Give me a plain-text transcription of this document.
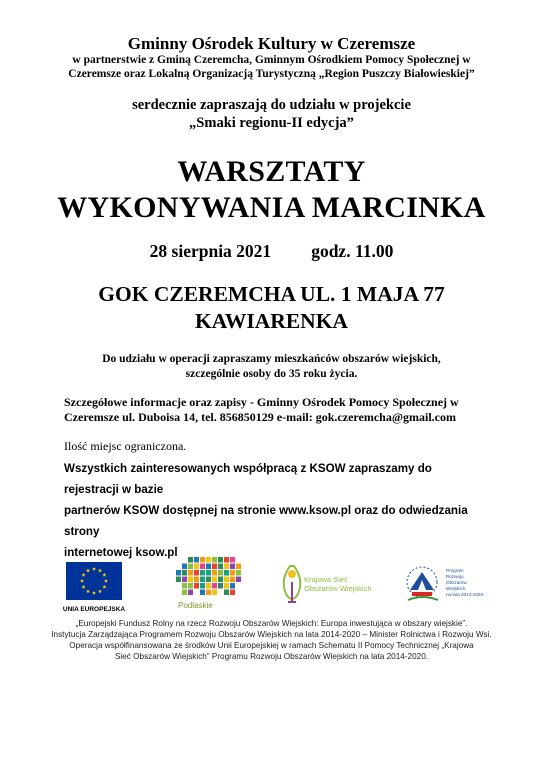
Gminny Ośrodek Kultury w Czeremsze
w partnerstwie z Gminą Czeremcha, Gminnym Ośrodkiem Pomocy Społecznej w
Czeremsze oraz Lokalną Organizacją Turystyczną „Region Puszczy Białowieskiej”
serdecznie zapraszają do udziału w projekcie
„Smaki regionu-II edycja”
WARSZTATY
WYKONYWANIA MARCINKA
28 sierpnia 2021 godz. 11.00
GOK CZEREMCHA UL. 1 MAJA 77
KAWIARENKA
Do udziału w operacji zapraszamy mieszkańców obszarów wiejskich,
szczególnie osoby do 35 roku życia.
Szczegółowe informacje oraz zapisy - Gminny Ośrodek Pomocy Społecznej w
Czeremsze ul. Duboisa 14, tel. 856850129 e-mail: gok.czeremcha@gmail.com
Ilość miejsc ograniczona.
Wszystkich zainteresowanych współpracą z KSOW zapraszamy do rejestracji w bazie
partnerów KSOW dostępnej na stronie www.ksow.pl oraz do odwiedzania strony
internetowej ksow.pl
UNIA EUROPEJSKA	Podlaskie
Krajowa Sieć
Obszarów Wiejskich
Program
Rozwoju
Obszarów
Wiejskich
na lata 2014-2020
„Europejski Fundusz Rolny na rzecz Rozwoju Obszarów Wiejskich: Europa inwestująca w obszary wiejskie”.
Instytucja Zarządzająca Programem Rozwoju Obszarów Wiejskich na lata 2014-2020 – Minister Rolnictwa i Rozwoju Wsi.
Operacja współfinansowana ze środków Unii Europejskiej w ramach Schematu II Pomocy Technicznej „Krajowa
Sieć Obszarów Wiejskich” Programu Rozwoju Obszarów Wiejskich na lata 2014-2020.
